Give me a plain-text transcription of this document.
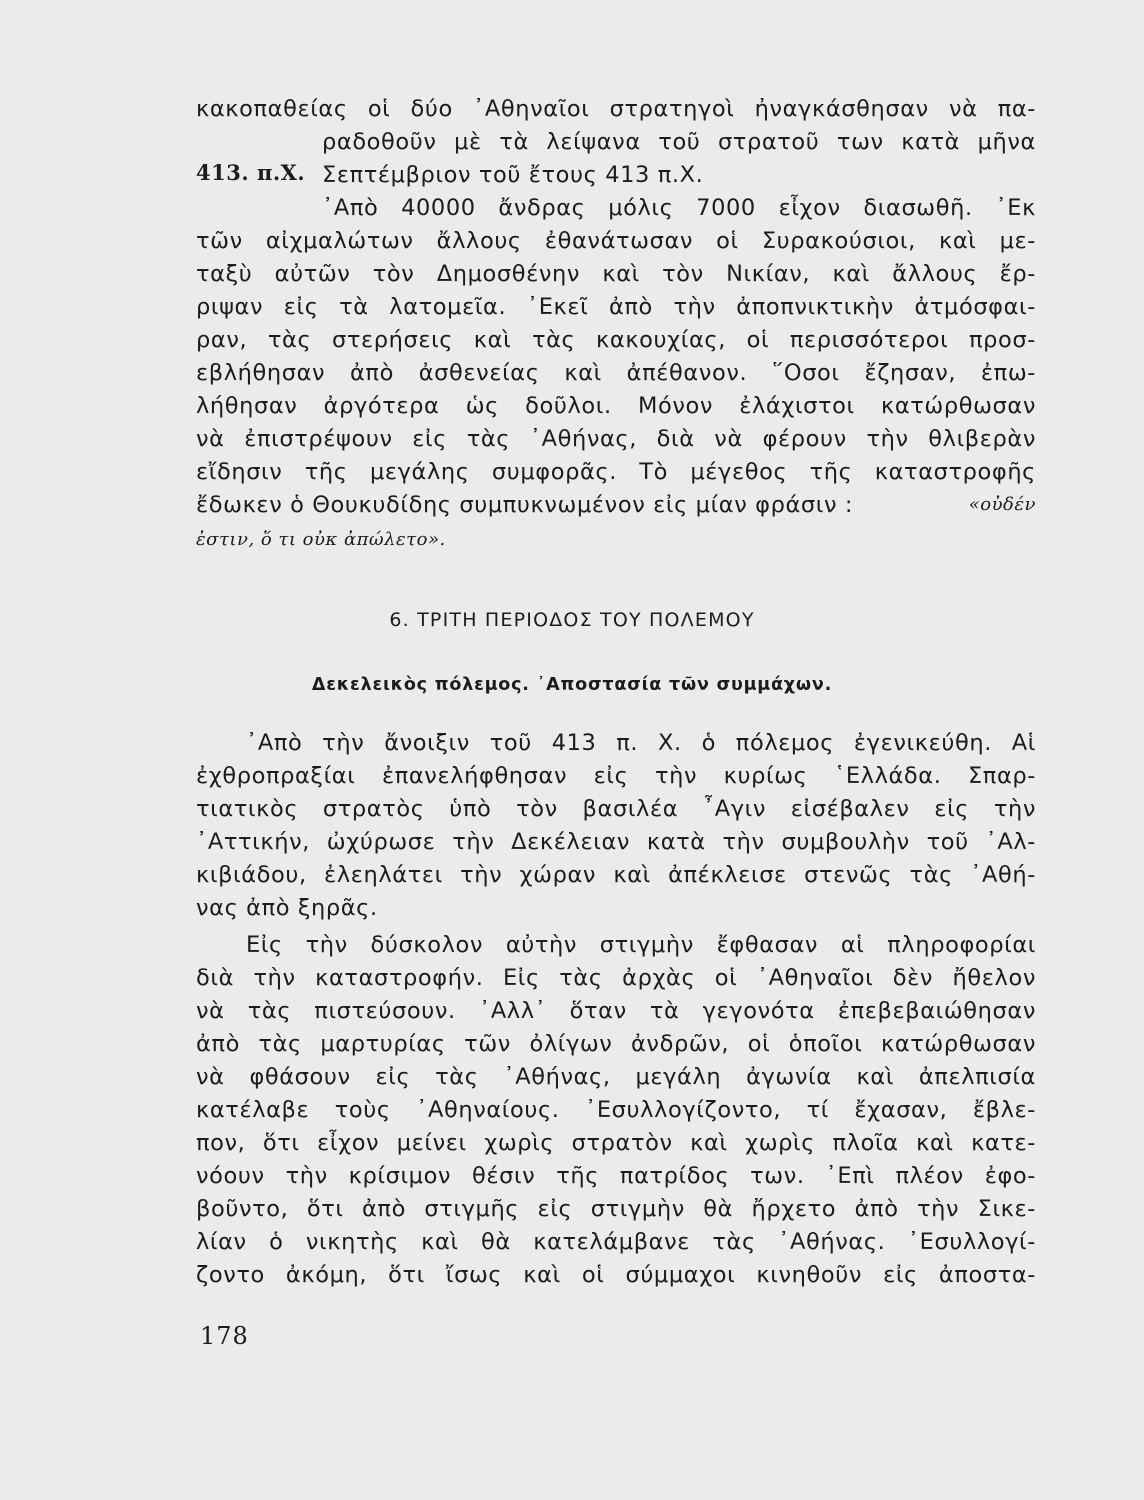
κακοπαθείας οἱ δύο ᾿Αθηναῖοι στρατηγοὶ ἠναγκάσθησαν νὰ πα-
ραδοθοῦν μὲ τὰ λείψανα τοῦ στρατοῦ των κατὰ μῆνα
413. π.Χ. Σεπτέμβριον τοῦ ἔτους 413 π.Χ.
᾿Απὸ 40000 ἄνδρας μόλις 7000 εἶχον διασωθῆ. ᾿Εκ
τῶν αἰχμαλώτων ἄλλους ἐθανάτωσαν οἱ Συρακούσιοι, καὶ με-
ταξὺ αὐτῶν τὸν Δημοσθένην καὶ τὸν Νικίαν, καὶ ἄλλους ἔρ-
ριψαν εἰς τὰ λατομεῖα. ᾿Εκεῖ ἀπὸ τὴν ἀποπνικτικὴν ἀτμόσφαι-
ραν, τὰς στερήσεις καὶ τὰς κακουχίας, οἱ περισσότεροι προσ-
εβλήθησαν ἀπὸ ἀσθενείας καὶ ἀπέθανον. ῞Οσοι ἔζησαν, ἐπω-
λήθησαν ἀργότερα ὡς δοῦλοι. Μόνον ἐλάχιστοι κατώρθωσαν
νὰ ἐπιστρέψουν εἰς τὰς ᾿Αθήνας, διὰ νὰ φέρουν τὴν θλιβερὰν
εἴδησιν τῆς μεγάλης συμφορᾶς. Τὸ μέγεθος τῆς καταστροφῆς
ἔδωκεν ὁ Θουκυδίδης συμπυκνωμένον εἰς μίαν φράσιν :	«οὐδέν
ἐστιν, ὅ τι οὐκ ἀπώλετο».
6. ΤΡΙΤΗ ΠΕΡΙΟΔΟΣ ΤΟΥ ΠΟΛΕΜΟΥ
Δεκελεικὸς πόλεμος. ᾿Αποστασία τῶν συμμάχων.
᾿Απὸ τὴν ἄνοιξιν τοῦ 413 π. Χ. ὁ πόλεμος ἐγενικεύθη. Αἱ
ἐχθροπραξίαι ἐπανελήφθησαν εἰς τὴν κυρίως ῾Ελλάδα. Σπαρ-
τιατικὸς στρατὸς ὑπὸ τὸν βασιλέα ῏Αγιν εἰσέβαλεν εἰς τὴν
᾿Αττικήν, ὠχύρωσε τὴν Δεκέλειαν κατὰ τὴν συμβουλὴν τοῦ ᾿Αλ-
κιβιάδου, ἐλεηλάτει τὴν χώραν καὶ ἀπέκλεισε στενῶς τὰς ᾿Αθή-
νας ἀπὸ ξηρᾶς.
Εἰς τὴν δύσκολον αὐτὴν στιγμὴν ἔφθασαν αἱ πληροφορίαι
διὰ τὴν καταστροφήν. Εἰς τὰς ἀρχὰς οἱ ᾿Αθηναῖοι δὲν ἤθελον
νὰ τὰς πιστεύσουν. ᾿Αλλ᾿ ὅταν τὰ γεγονότα ἐπεβεβαιώθησαν
ἀπὸ τὰς μαρτυρίας τῶν ὀλίγων ἀνδρῶν, οἱ ὁποῖοι κατώρθωσαν
νὰ φθάσουν εἰς τὰς ᾿Αθήνας, μεγάλη ἀγωνία καὶ ἀπελπισία
κατέλαβε τοὺς ᾿Αθηναίους. ᾿Εσυλλογίζοντο, τί ἔχασαν, ἔβλε-
πον, ὅτι εἶχον μείνει χωρὶς στρατὸν καὶ χωρὶς πλοῖα καὶ κατε-
νόουν τὴν κρίσιμον θέσιν τῆς πατρίδος των. ᾿Επὶ πλέον ἐφο-
βοῦντο, ὅτι ἀπὸ στιγμῆς εἰς στιγμὴν θὰ ἤρχετο ἀπὸ τὴν Σικε-
λίαν ὁ νικητὴς καὶ θὰ κατελάμβανε τὰς ᾿Αθήνας. ᾿Εσυλλογί-
ζοντο ἀκόμη, ὅτι ἴσως καὶ οἱ σύμμαχοι κινηθοῦν εἰς ἀποστα-
178
